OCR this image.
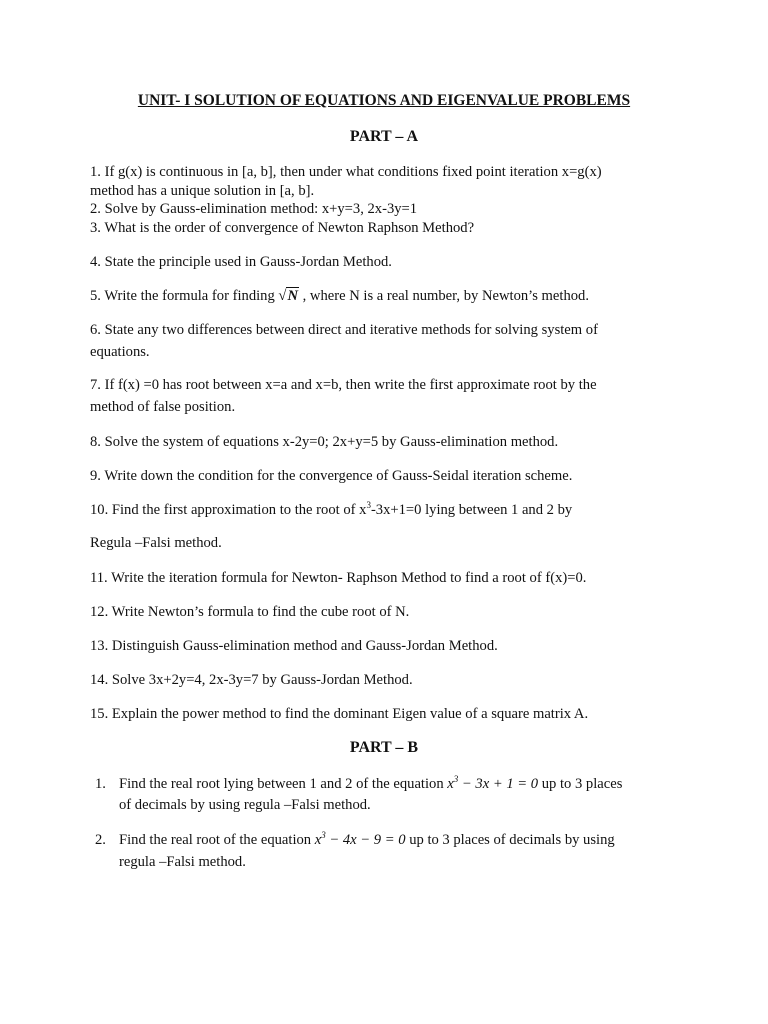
UNIT- I SOLUTION OF EQUATIONS AND EIGENVALUE PROBLEMS
PART – A
1. If g(x) is continuous in [a, b], then under what conditions fixed point iteration x=g(x)
method has a unique solution in [a, b].
2. Solve by Gauss-elimination method: x+y=3, 2x-3y=1
3. What is the order of convergence of Newton Raphson Method?
4. State the principle used in Gauss-Jordan Method.
5. Write the formula for finding √N , where N is a real number, by Newton’s method.
6. State any two differences between direct and iterative methods for solving system of
equations.
7. If f(x) =0 has root between x=a and x=b, then write the first approximate root by the
method of false position.
8. Solve the system of equations x-2y=0; 2x+y=5 by Gauss-elimination method.
9. Write down the condition for the convergence of Gauss-Seidal iteration scheme.
10. Find the first approximation to the root of $x^3-3x+1=0$ lying between 1 and 2 by
Regula –Falsi method.
11. Write the iteration formula for Newton- Raphson Method to find a root of f(x)=0.
12. Write Newton’s formula to find the cube root of N.
13. Distinguish Gauss-elimination method and Gauss-Jordan Method.
14. Solve 3x+2y=4, 2x-3y=7 by Gauss-Jordan Method.
15. Explain the power method to find the dominant Eigen value of a square matrix A.
PART – B
1. Find the real root lying between 1 and 2 of the equation $x^3 - 3x + 1 = 0$ up to 3 places
of decimals by using regula –Falsi method.
2. Find the real root of the equation $x^3 - 4x - 9 = 0$ up to 3 places of decimals by using
regula –Falsi method.
